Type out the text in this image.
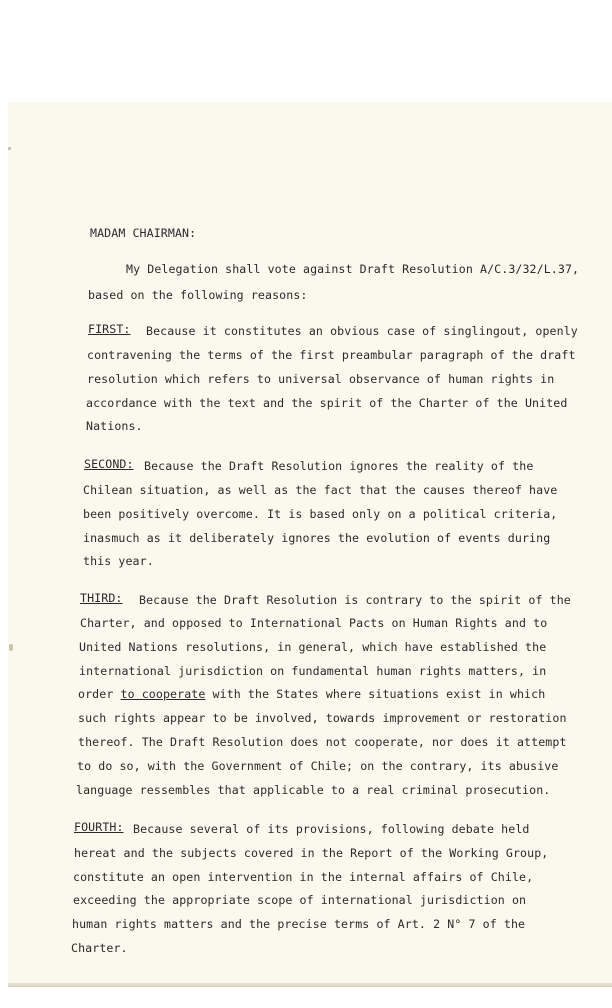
MADAM CHAIRMAN:
My Delegation shall vote against Draft Resolution A/C.3/32/L.37,
based on the following reasons:
FIRST: Because it constitutes an obvious case of singlingout, openly
contravening the terms of the first preambular paragraph of the draft
resolution which refers to universal observance of human rights in
accordance with the text and the spirit of the Charter of the United
Nations.
SECOND: Because the Draft Resolution ignores the reality of the
Chilean situation, as well as the fact that the causes thereof have
been positively overcome. It is based only on a political criteria,
inasmuch as it deliberately ignores the evolution of events during
this year.
THIRD: Because the Draft Resolution is contrary to the spirit of the
Charter, and opposed to International Pacts on Human Rights and to
United Nations resolutions, in general, which have established the
international jurisdiction on fundamental human rights matters, in
order to cooperate with the States where situations exist in which
such rights appear to be involved, towards improvement or restoration
thereof. The Draft Resolution does not cooperate, nor does it attempt
to do so, with the Government of Chile; on the contrary, its abusive
language ressembles that applicable to a real criminal prosecution.
FOURTH: Because several of its provisions, following debate held
hereat and the subjects covered in the Report of the Working Group,
constitute an open intervention in the internal affairs of Chile,
exceeding the appropriate scope of international jurisdiction on
human rights matters and the precise terms of Art. 2 N° 7 of the
Charter.
